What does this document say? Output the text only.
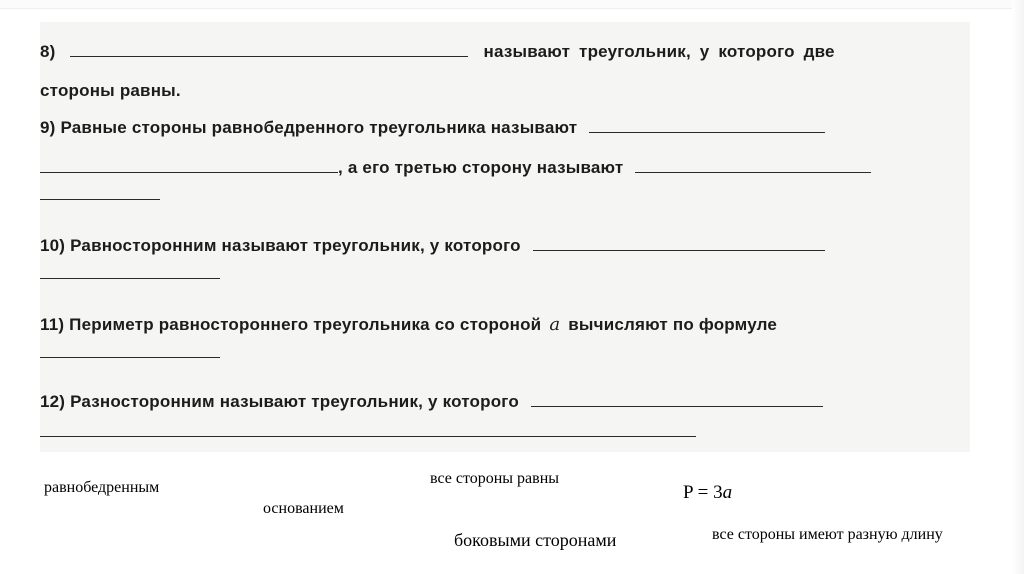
8)	называют треугольник, у которого две
стороны равны.
9) Равные стороны равнобедренного треугольника называют
, а его третью сторону называют
10) Равносторонним называют треугольник, у которого
11) Периметр равностороннего треугольника со стороной a вычисляют по формуле
12) Разносторонним называют треугольник, у которого
равнобедренным
основанием
все стороны равны
боковыми сторонами
P = 3a
все стороны имеют разную длину
